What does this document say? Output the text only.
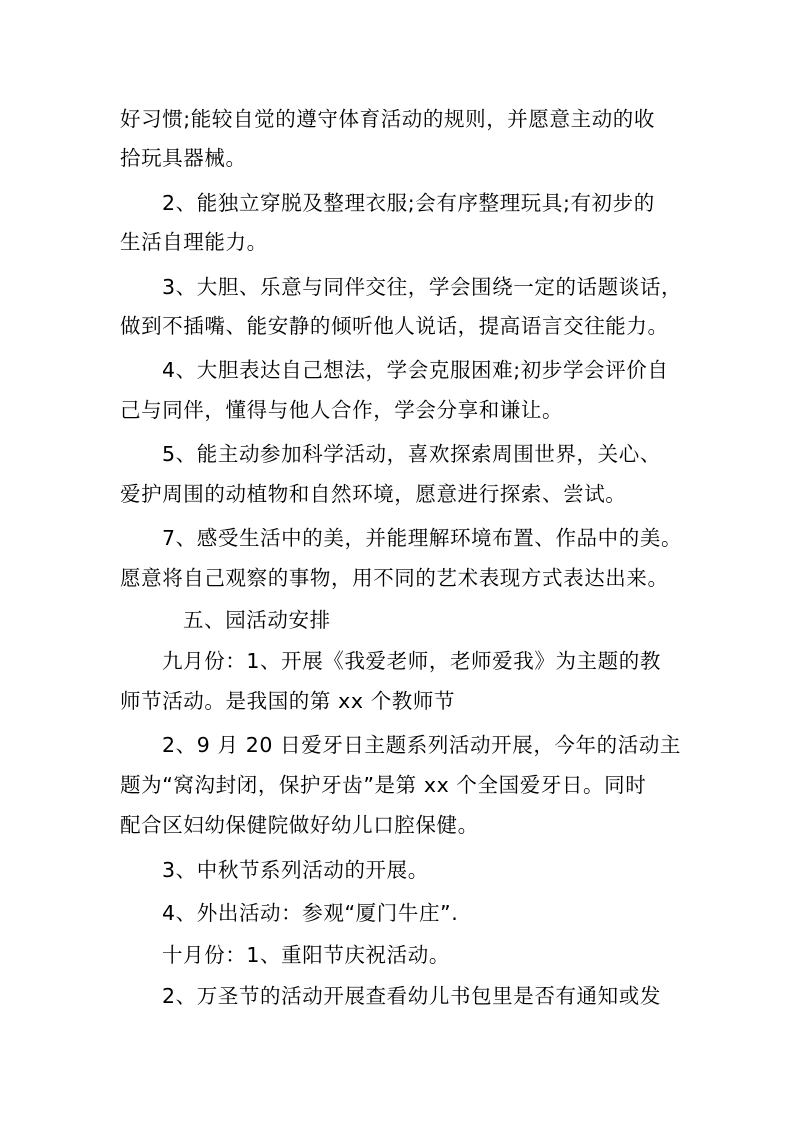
好习惯;能较自觉的遵守体育活动的规则，并愿意主动的收
拾玩具器械。
2、能独立穿脱及整理衣服;会有序整理玩具;有初步的
生活自理能力。
3、大胆、乐意与同伴交往，学会围绕一定的话题谈话，
做到不插嘴、能安静的倾听他人说话，提高语言交往能力。
4、大胆表达自己想法，学会克服困难;初步学会评价自
己与同伴，懂得与他人合作，学会分享和谦让。
5、能主动参加科学活动，喜欢探索周围世界，关心、
爱护周围的动植物和自然环境，愿意进行探索、尝试。
7、感受生活中的美，并能理解环境布置、作品中的美。
愿意将自己观察的事物，用不同的艺术表现方式表达出来。
五、园活动安排
九月份：1、开展《我爱老师，老师爱我》为主题的教
师节活动。是我国的第 xx 个教师节
2、9 月 20 日爱牙日主题系列活动开展，今年的活动主
题为“窝沟封闭，保护牙齿”是第 xx 个全国爱牙日。同时
配合区妇幼保健院做好幼儿口腔保健。
3、中秋节系列活动的开展。
4、外出活动：参观“厦门牛庄”.
十月份：1、重阳节庆祝活动。
2、万圣节的活动开展查看幼儿书包里是否有通知或发
